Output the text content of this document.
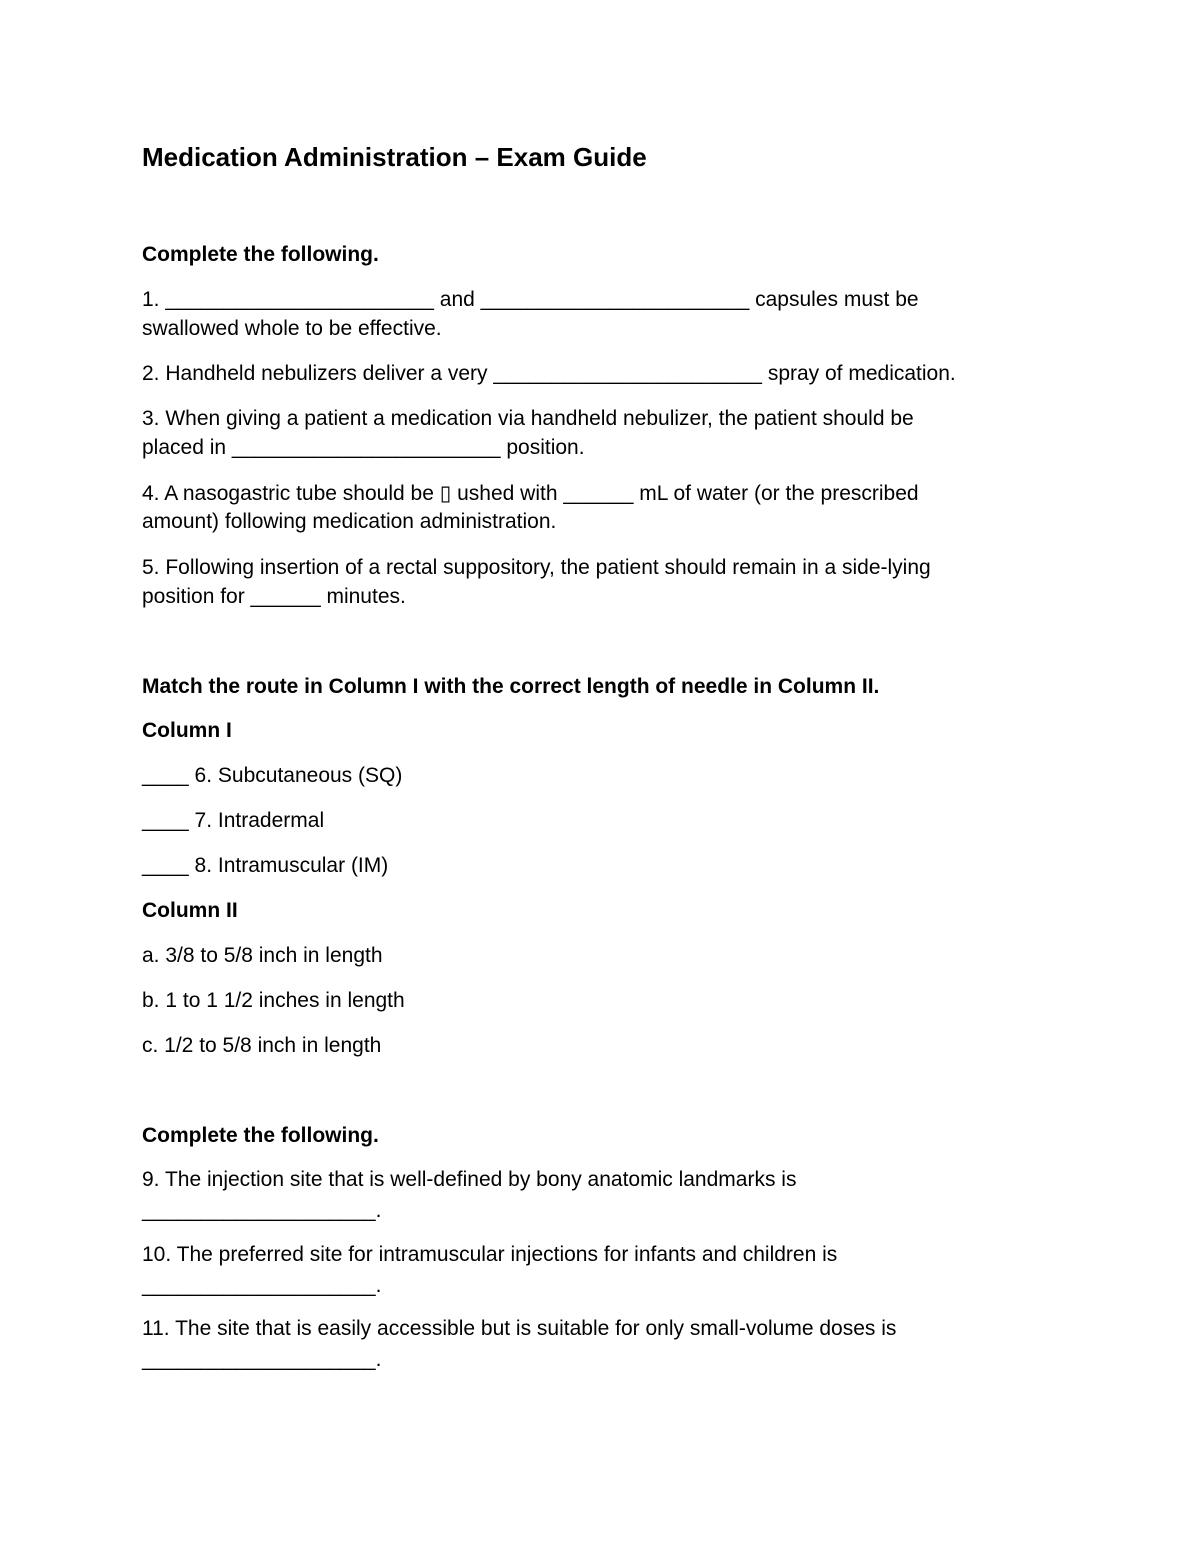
Medication Administration – Exam Guide

Complete the following.

1. _______________________ and _______________________ capsules must be

swallowed whole to be effective.

2. Handheld nebulizers deliver a very _______________________ spray of medication.

3. When giving a patient a medication via handheld nebulizer, the patient should be

placed in _______________________ position.

4. A nasogastric tube should be ▯ ushed with ______ mL of water (or the prescribed

amount) following medication administration.

5. Following insertion of a rectal suppository, the patient should remain in a side-lying

position for ______ minutes.

Match the route in Column I with the correct length of needle in Column II.

Column I

____ 6. Subcutaneous (SQ)

____ 7. Intradermal

____ 8. Intramuscular (IM)

Column II

a. 3/8 to 5/8 inch in length

b. 1 to 1 1/2 inches in length

c. 1/2 to 5/8 inch in length

Complete the following.

9. The injection site that is well-defined by bony anatomic landmarks is

____________________.

10. The preferred site for intramuscular injections for infants and children is

____________________.

11. The site that is easily accessible but is suitable for only small-volume doses is

____________________.
